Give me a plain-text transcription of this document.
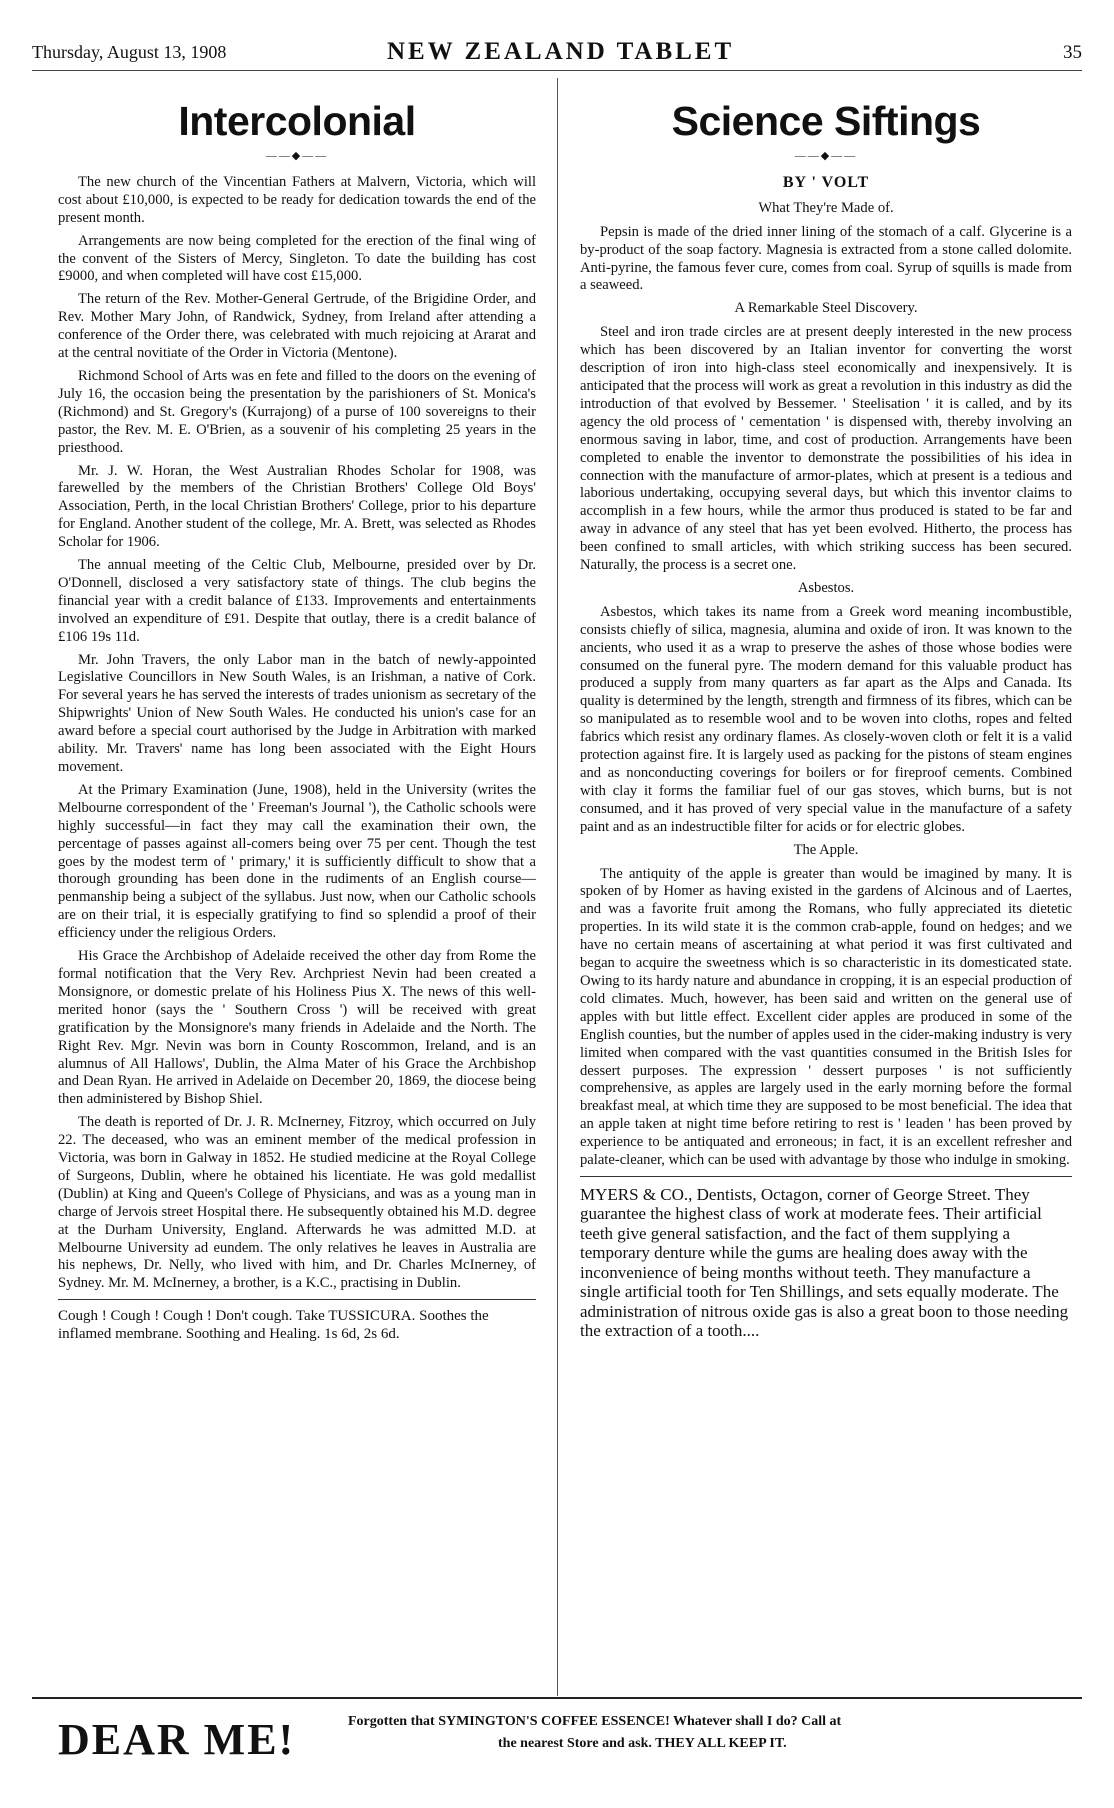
Thursday, August 13, 1908	NEW ZEALAND TABLET	35
Intercolonial
——◆——

The new church of the Vincentian Fathers at Malvern, Victoria, which will cost about £10,000, is expected to be ready for dedication towards the end of the present month.

Arrangements are now being completed for the erection of the final wing of the convent of the Sisters of Mercy, Singleton. To date the building has cost £9000, and when completed will have cost £15,000.

The return of the Rev. Mother-General Gertrude, of the Brigidine Order, and Rev. Mother Mary John, of Randwick, Sydney, from Ireland after attending a conference of the Order there, was celebrated with much rejoicing at Ararat and at the central novitiate of the Order in Victoria (Mentone).

Richmond School of Arts was en fete and filled to the doors on the evening of July 16, the occasion being the presentation by the parishioners of St. Monica's (Richmond) and St. Gregory's (Kurrajong) of a purse of 100 sovereigns to their pastor, the Rev. M. E. O'Brien, as a souvenir of his completing 25 years in the priesthood.

Mr. J. W. Horan, the West Australian Rhodes Scholar for 1908, was farewelled by the members of the Christian Brothers' College Old Boys' Association, Perth, in the local Christian Brothers' College, prior to his departure for England. Another student of the college, Mr. A. Brett, was selected as Rhodes Scholar for 1906.

The annual meeting of the Celtic Club, Melbourne, presided over by Dr. O'Donnell, disclosed a very satisfactory state of things. The club begins the financial year with a credit balance of £133. Improvements and entertainments involved an expenditure of £91. Despite that outlay, there is a credit balance of £106 19s 11d.

Mr. John Travers, the only Labor man in the batch of newly-appointed Legislative Councillors in New South Wales, is an Irishman, a native of Cork. For several years he has served the interests of trades unionism as secretary of the Shipwrights' Union of New South Wales. He conducted his union's case for an award before a special court authorised by the Judge in Arbitration with marked ability. Mr. Travers' name has long been associated with the Eight Hours movement.

At the Primary Examination (June, 1908), held in the University (writes the Melbourne correspondent of the ' Freeman's Journal '), the Catholic schools were highly successful—in fact they may call the examination their own, the percentage of passes against all-comers being over 75 per cent. Though the test goes by the modest term of ' primary,' it is sufficiently difficult to show that a thorough grounding has been done in the rudiments of an English course—penmanship being a subject of the syllabus. Just now, when our Catholic schools are on their trial, it is especially gratifying to find so splendid a proof of their efficiency under the religious Orders.

His Grace the Archbishop of Adelaide received the other day from Rome the formal notification that the Very Rev. Archpriest Nevin had been created a Monsignore, or domestic prelate of his Holiness Pius X. The news of this well-merited honor (says the ' Southern Cross ') will be received with great gratification by the Monsignore's many friends in Adelaide and the North. The Right Rev. Mgr. Nevin was born in County Roscommon, Ireland, and is an alumnus of All Hallows', Dublin, the Alma Mater of his Grace the Archbishop and Dean Ryan. He arrived in Adelaide on December 20, 1869, the diocese being then administered by Bishop Shiel.

The death is reported of Dr. J. R. McInerney, Fitzroy, which occurred on July 22. The deceased, who was an eminent member of the medical profession in Victoria, was born in Galway in 1852. He studied medicine at the Royal College of Surgeons, Dublin, where he obtained his licentiate. He was gold medallist (Dublin) at King and Queen's College of Physicians, and was as a young man in charge of Jervois street Hospital there. He subsequently obtained his M.D. degree at the Durham University, England. Afterwards he was admitted M.D. at Melbourne University ad eundem. The only relatives he leaves in Australia are his nephews, Dr. Nelly, who lived with him, and Dr. Charles McInerney, of Sydney. Mr. M. McInerney, a brother, is a K.C., practising in Dublin.

Cough ! Cough ! Cough ! Don't cough. Take TUSSICURA. Soothes the inflamed membrane. Soothing and Healing. 1s 6d, 2s 6d.
Science Siftings
——◆——
BY ' VOLT
What They're Made of.

Pepsin is made of the dried inner lining of the stomach of a calf. Glycerine is a by-product of the soap factory. Magnesia is extracted from a stone called dolomite. Anti-pyrine, the famous fever cure, comes from coal. Syrup of squills is made from a seaweed.

A Remarkable Steel Discovery.

Steel and iron trade circles are at present deeply interested in the new process which has been discovered by an Italian inventor for converting the worst description of iron into high-class steel economically and inexpensively. It is anticipated that the process will work as great a revolution in this industry as did the introduction of that evolved by Bessemer. ' Steelisation ' it is called, and by its agency the old process of ' cementation ' is dispensed with, thereby involving an enormous saving in labor, time, and cost of production. Arrangements have been completed to enable the inventor to demonstrate the possibilities of his idea in connection with the manufacture of armor-plates, which at present is a tedious and laborious undertaking, occupying several days, but which this inventor claims to accomplish in a few hours, while the armor thus produced is stated to be far and away in advance of any steel that has yet been evolved. Hitherto, the process has been confined to small articles, with which striking success has been secured. Naturally, the process is a secret one.

Asbestos.

Asbestos, which takes its name from a Greek word meaning incombustible, consists chiefly of silica, magnesia, alumina and oxide of iron. It was known to the ancients, who used it as a wrap to preserve the ashes of those whose bodies were consumed on the funeral pyre. The modern demand for this valuable product has produced a supply from many quarters as far apart as the Alps and Canada. Its quality is determined by the length, strength and firmness of its fibres, which can be so manipulated as to resemble wool and to be woven into cloths, ropes and felted fabrics which resist any ordinary flames. As closely-woven cloth or felt it is a valid protection against fire. It is largely used as packing for the pistons of steam engines and as nonconducting coverings for boilers or for fireproof cements. Combined with clay it forms the familiar fuel of our gas stoves, which burns, but is not consumed, and it has proved of very special value in the manufacture of a safety paint and as an indestructible filter for acids or for electric globes.

The Apple.

The antiquity of the apple is greater than would be imagined by many. It is spoken of by Homer as having existed in the gardens of Alcinous and of Laertes, and was a favorite fruit among the Romans, who fully appreciated its dietetic properties. In its wild state it is the common crab-apple, found on hedges; and we have no certain means of ascertaining at what period it was first cultivated and began to acquire the sweetness which is so characteristic in its domesticated state. Owing to its hardy nature and abundance in cropping, it is an especial production of cold climates. Much, however, has been said and written on the general use of apples with but little effect. Excellent cider apples are produced in some of the English counties, but the number of apples used in the cider-making industry is very limited when compared with the vast quantities consumed in the British Isles for dessert purposes. The expression ' dessert purposes ' is not sufficiently comprehensive, as apples are largely used in the early morning before the formal breakfast meal, at which time they are supposed to be most beneficial. The idea that an apple taken at night time before retiring to rest is ' leaden ' has been proved by experience to be antiquated and erroneous; in fact, it is an excellent refresher and palate-cleaner, which can be used with advantage by those who indulge in smoking.

MYERS & CO., Dentists, Octagon, corner of George Street. They guarantee the highest class of work at moderate fees. Their artificial teeth give general satisfaction, and the fact of them supplying a temporary denture while the gums are healing does away with the inconvenience of being months without teeth. They manufacture a single artificial tooth for Ten Shillings, and sets equally moderate. The administration of nitrous oxide gas is also a great boon to those needing the extraction of a tooth....
DEAR ME!	Forgotten that SYMINGTON'S COFFEE ESSENCE! Whatever shall I do? Call at
the nearest Store and ask. THEY ALL KEEP IT.
